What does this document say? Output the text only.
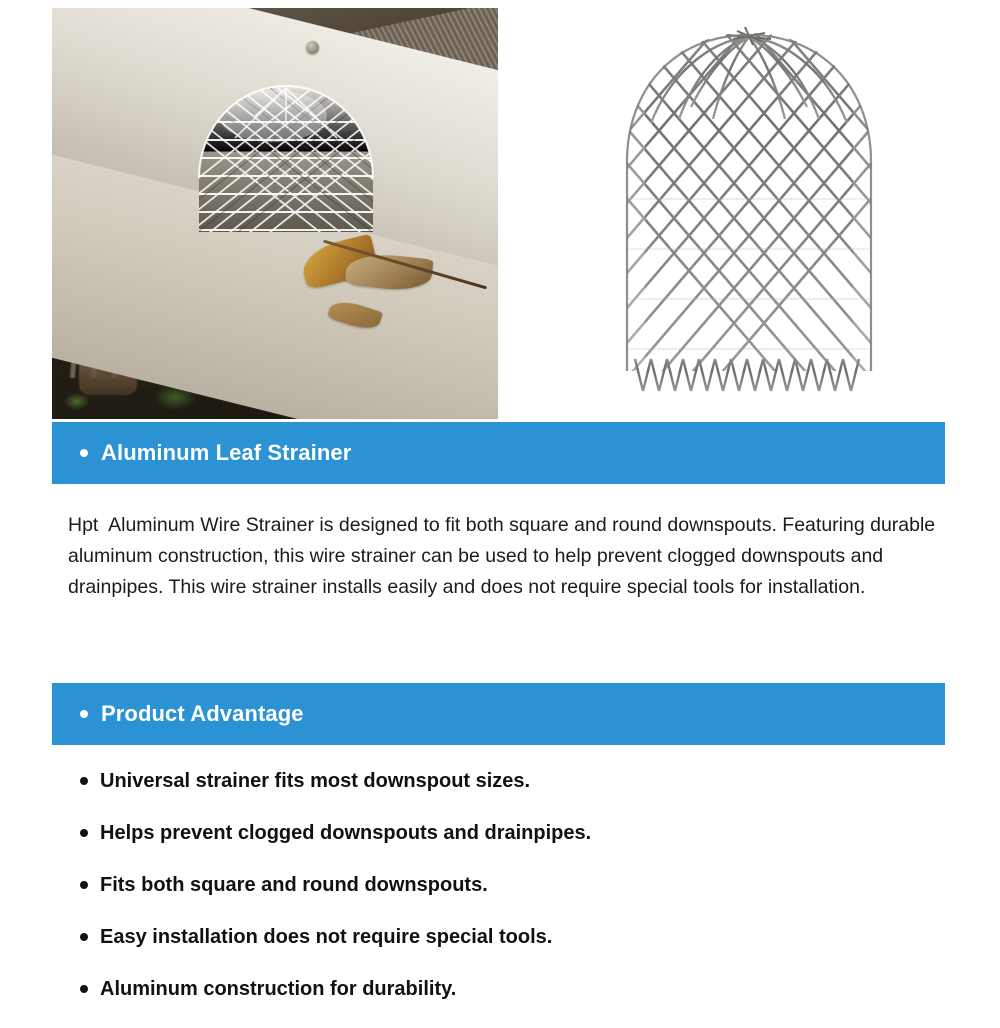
Aluminum Leaf Strainer
Hpt  Aluminum Wire Strainer is designed to fit both square and round downspouts. Featuring durable aluminum construction, this wire strainer can be used to help prevent clogged downspouts and drainpipes. This wire strainer installs easily and does not require special tools for installation.
Product Advantage
Universal strainer fits most downspout sizes.
Helps prevent clogged downspouts and drainpipes.
Fits both square and round downspouts.
Easy installation does not require special tools.
Aluminum construction for durability.
